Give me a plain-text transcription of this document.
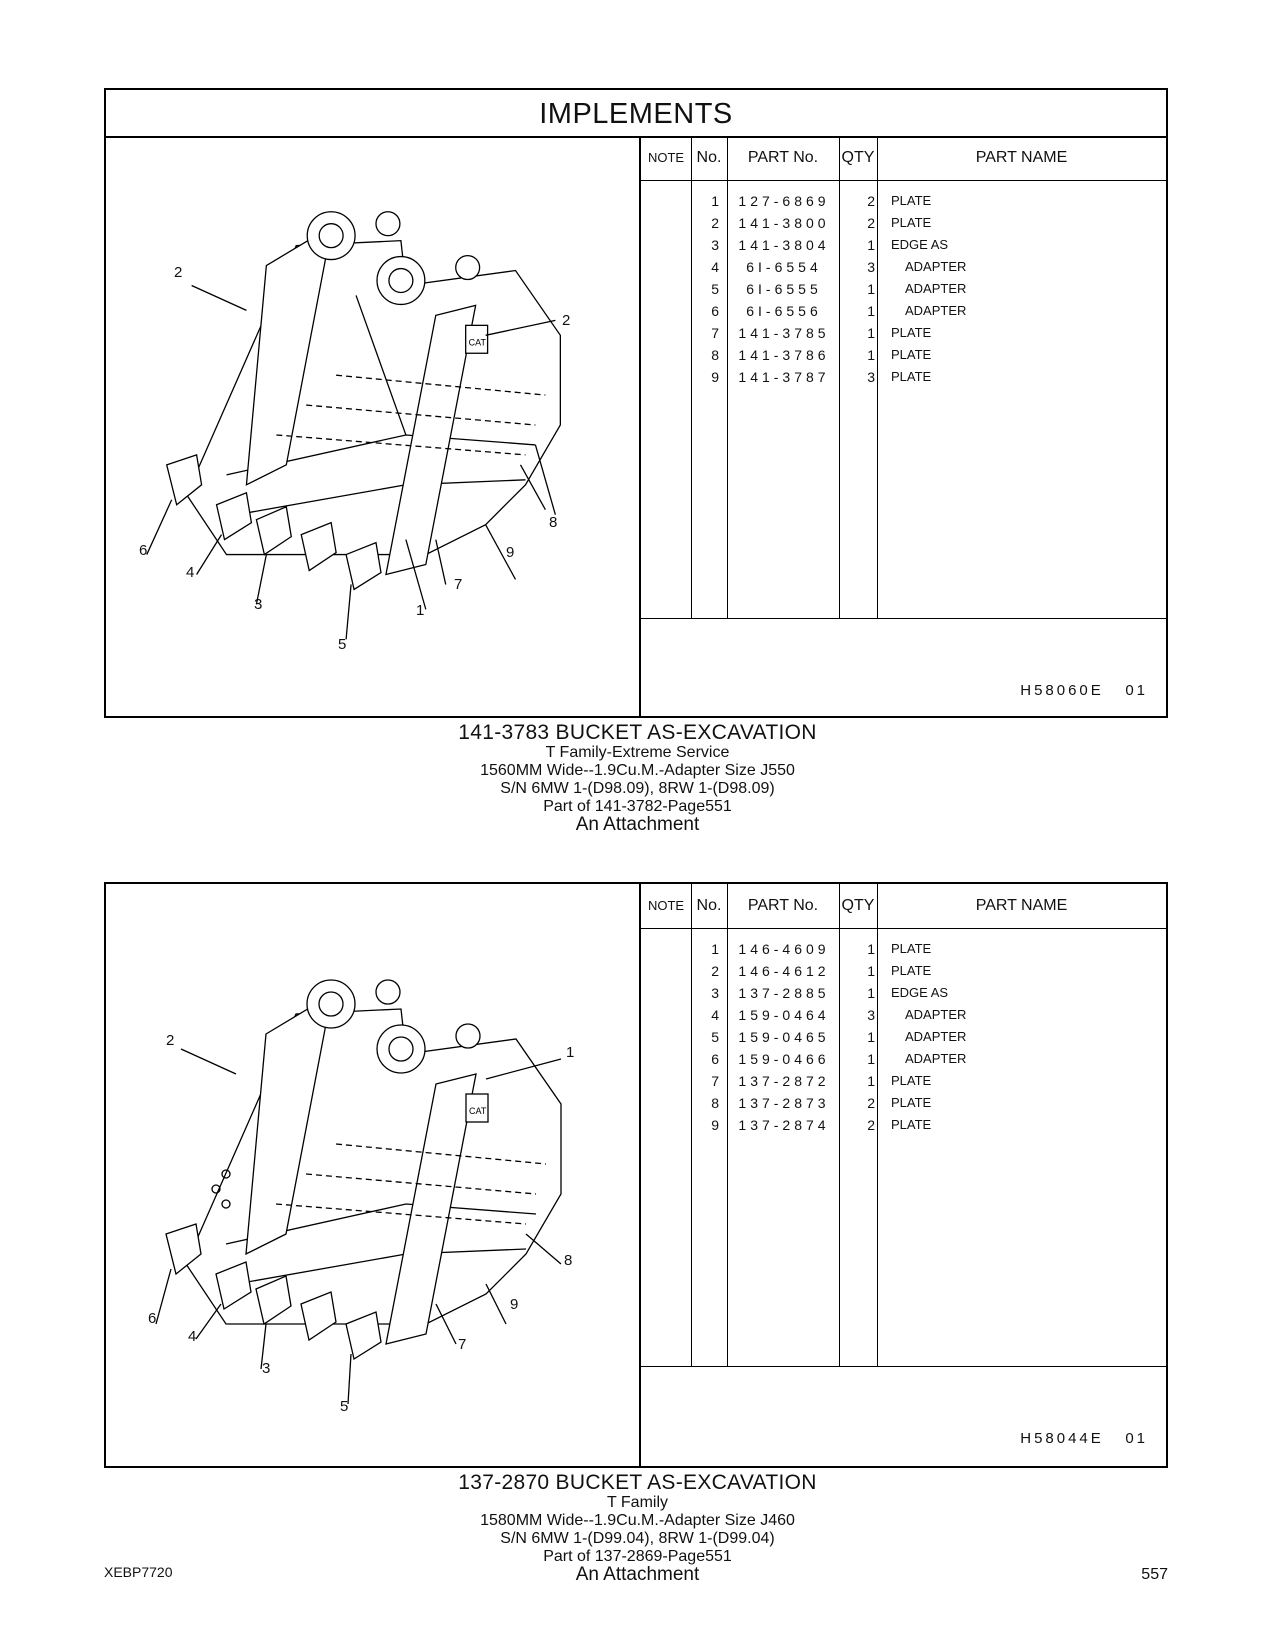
IMPLEMENTS
CAT
2
2
8
9
7
1
6
4
3
5
NOTE No.	PART No.	QTY	PART NAME
1	127-6869	2 PLATE
2	141-3800	2 PLATE
3	141-3804	1 EDGE AS
4	6I-6554	3 ADAPTER
5	6I-6555	1 ADAPTER
6	6I-6556	1 ADAPTER
7	141-3785	1 PLATE
8	141-3786	1 PLATE
9	141-3787	3 PLATE
H58060E 01
141-3783 BUCKET AS-EXCAVATION
T Family-Extreme Service
1560MM Wide--1.9Cu.M.-Adapter Size J550
S/N 6MW 1-(D98.09), 8RW 1-(D98.09)
Part of 141-3782-Page551
An Attachment
CAT
2
1
8
9
7
6
4
3
5
NOTE No.	PART No.	QTY	PART NAME
1	146-4609	1 PLATE
2	146-4612	1 PLATE
3	137-2885	1 EDGE AS
4	159-0464	3 ADAPTER
5	159-0465	1 ADAPTER
6	159-0466	1 ADAPTER
7	137-2872	1 PLATE
8	137-2873	2 PLATE
9	137-2874	2 PLATE
H58044E 01
137-2870 BUCKET AS-EXCAVATION
T Family
1580MM Wide--1.9Cu.M.-Adapter Size J460
S/N 6MW 1-(D99.04), 8RW 1-(D99.04)
Part of 137-2869-Page551
An Attachment
XEBP7720	557
